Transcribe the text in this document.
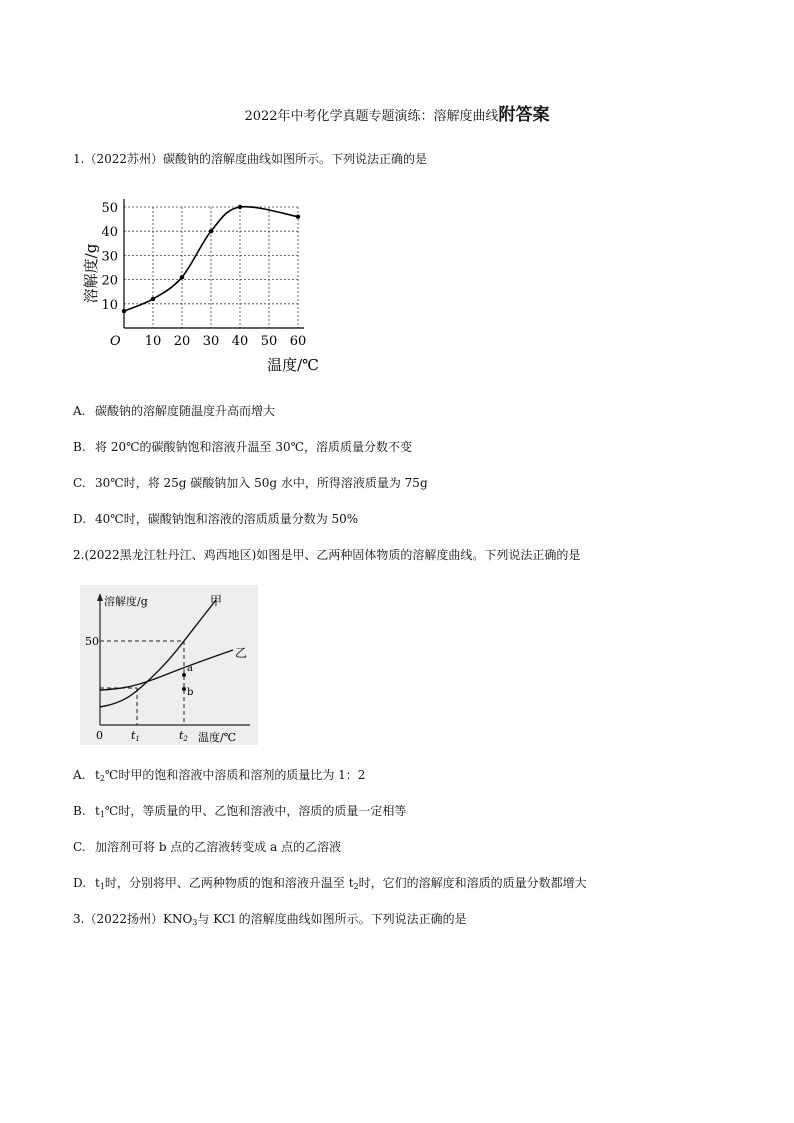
2022年中考化学真题专题演练：溶解度曲线附答案
1.（2022苏州）碳酸钠的溶解度曲线如图所示。下列说法正确的是
10 20 30 40 50 60
10
20
30
40
50
O
溶解度/g
温度/℃
A. 碳酸钠的溶解度随温度升高而增大
B. 将 20℃的碳酸钠饱和溶液升温至 30℃，溶质质量分数不变
C. 30℃时，将 25g 碳酸钠加入 50g 水中，所得溶液质量为 75g
D. 40℃时，碳酸钠饱和溶液的溶质质量分数为 50%
2.(2022黑龙江牡丹江、鸡西地区)如图是甲、乙两种固体物质的溶解度曲线。下列说法正确的是
溶解度/g
温度/℃
50
0	t1	t2
甲
乙
a
b
A. $t_2℃$时甲的饱和溶液中溶质和溶剂的质量比为 1：2
B. $t_1℃$时，等质量的甲、乙饱和溶液中，溶质的质量一定相等
C. 加溶剂可将 b 点的乙溶液转变成 a 点的乙溶液
D. $t_1$时，分别将甲、乙两种物质的饱和溶液升温至 $t_2$时，它们的溶解度和溶质的质量分数都增大
3.（2022扬州）$KNO_3$与 KCl 的溶解度曲线如图所示。下列说法正确的是
